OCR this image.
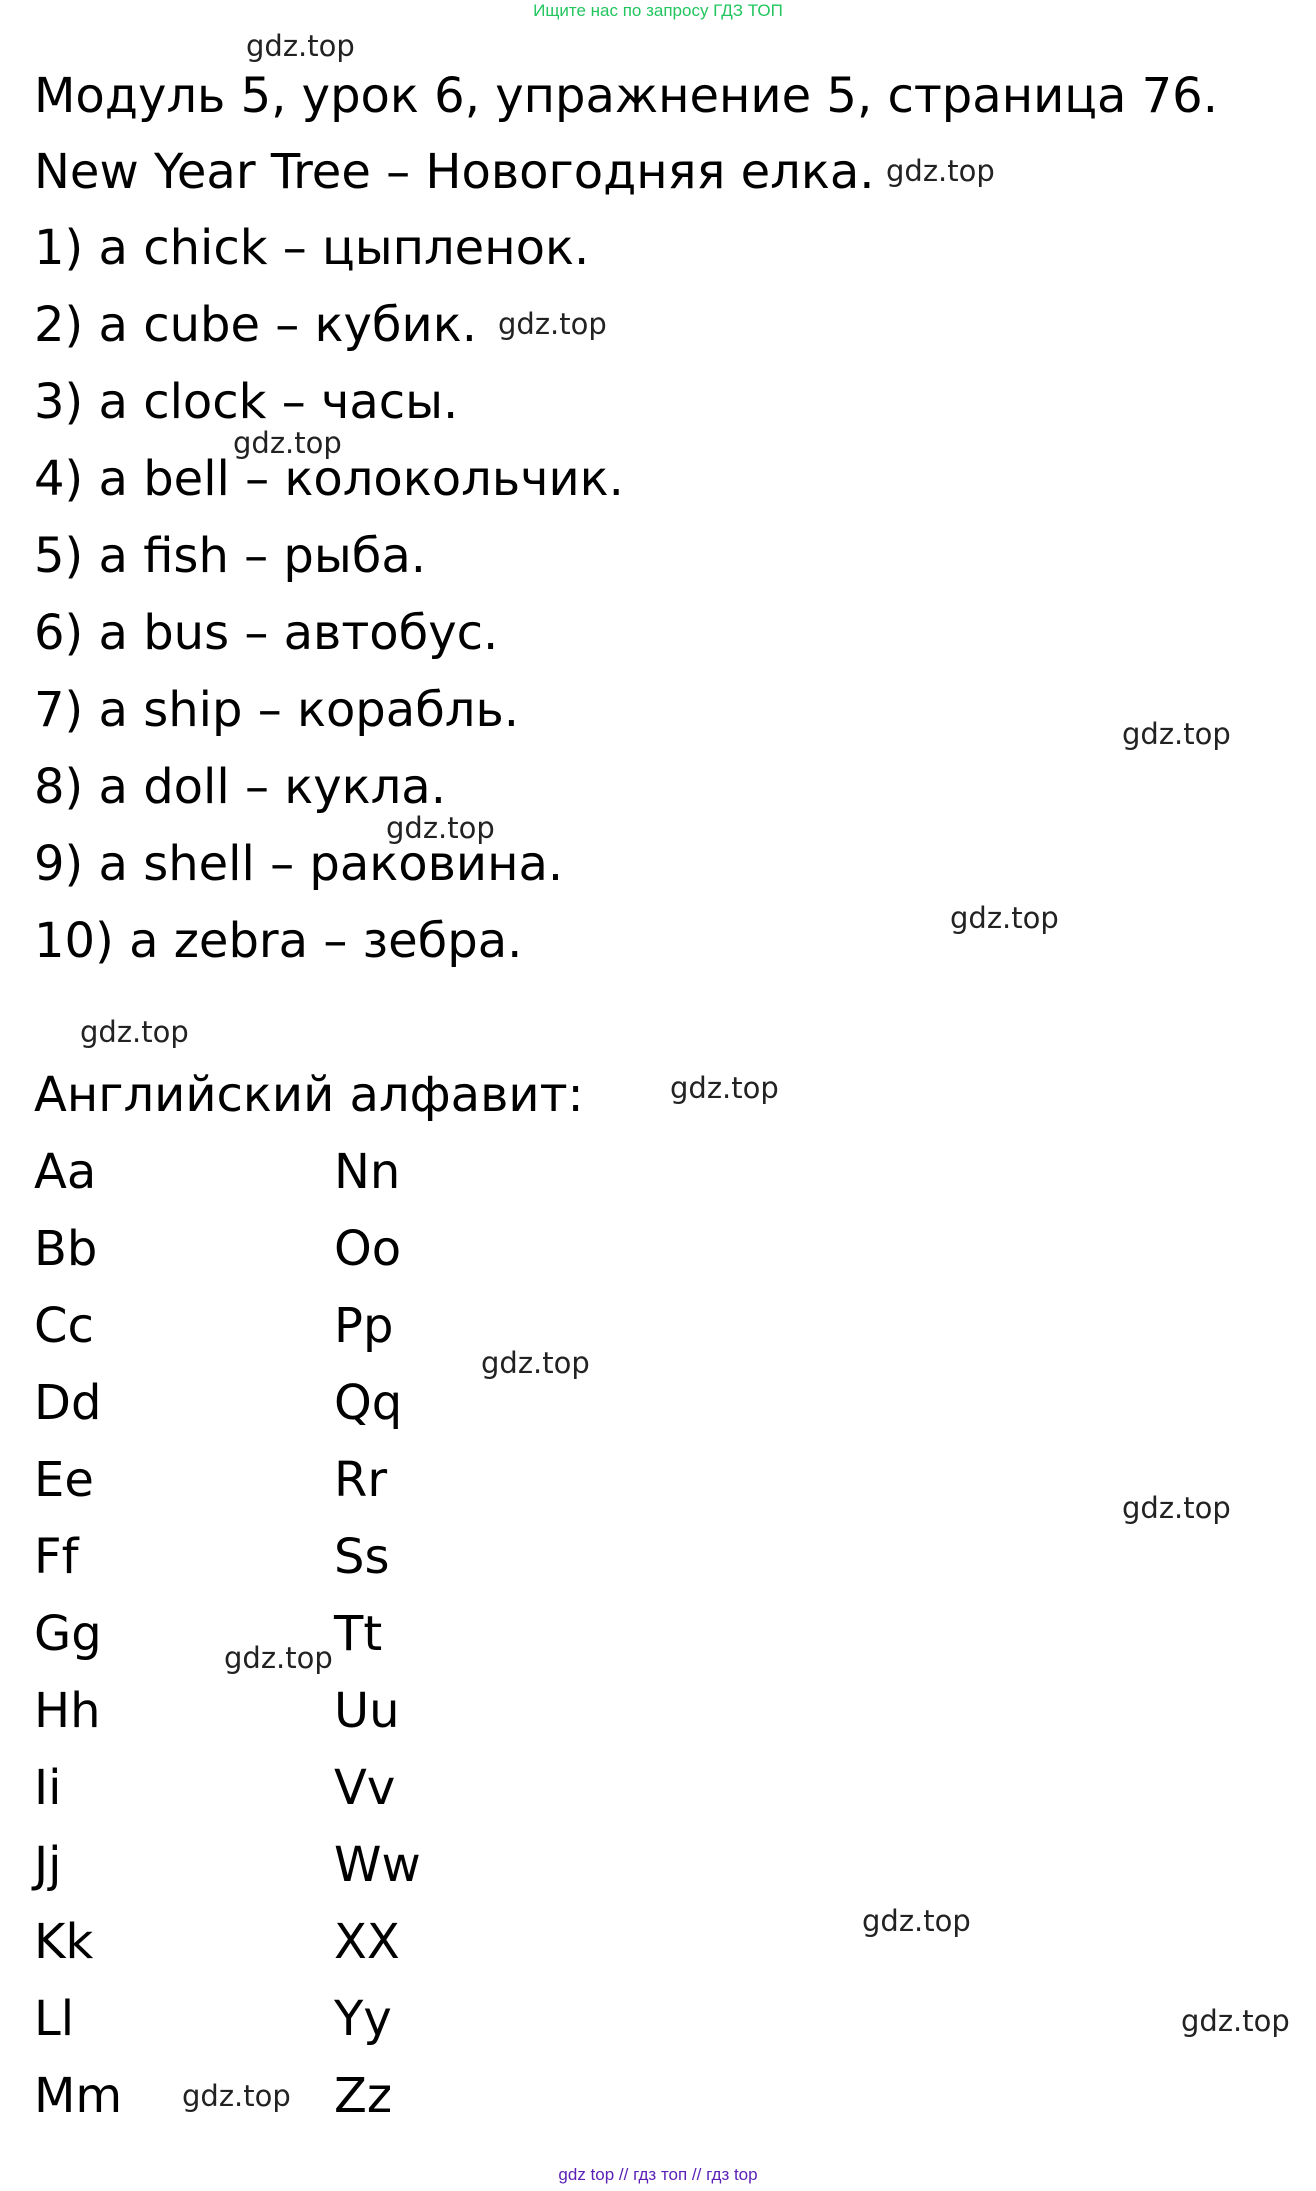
Ищите нас по запросу ГДЗ ТОП
gdz.top
Модуль 5, урок 6, упражнение 5, страница 76.
New Year Tree – Новогодняя елка. gdz.top
1) a chick – цыпленок.
2) a cube – кубик. gdz.top
3) a clock – часы.
gdz.top
4) a bell – колокольчик.
5) a fish – рыба.
6) a bus – автобус.
7) a ship – корабль.	gdz.top
8) a doll – кукла.
gdz.top
9) a shell – раковина.
10) a zebra – зебра.	gdz.top
gdz.top
Английский алфавит:	gdz.top
Aa	Nn
Bb	Oo
Cc	Pp
gdz.top
Dd	Qq
Ee	Rr	gdz.top
Ff	Ss
Gg	Tt
gdz.top
Hh	Uu
Ii	Vv
Jj	Ww
gdz.top
Kk	XX
Ll	Yy	gdz.top
Mm gdz.top Zz
gdz top // гдз топ // гдз top
